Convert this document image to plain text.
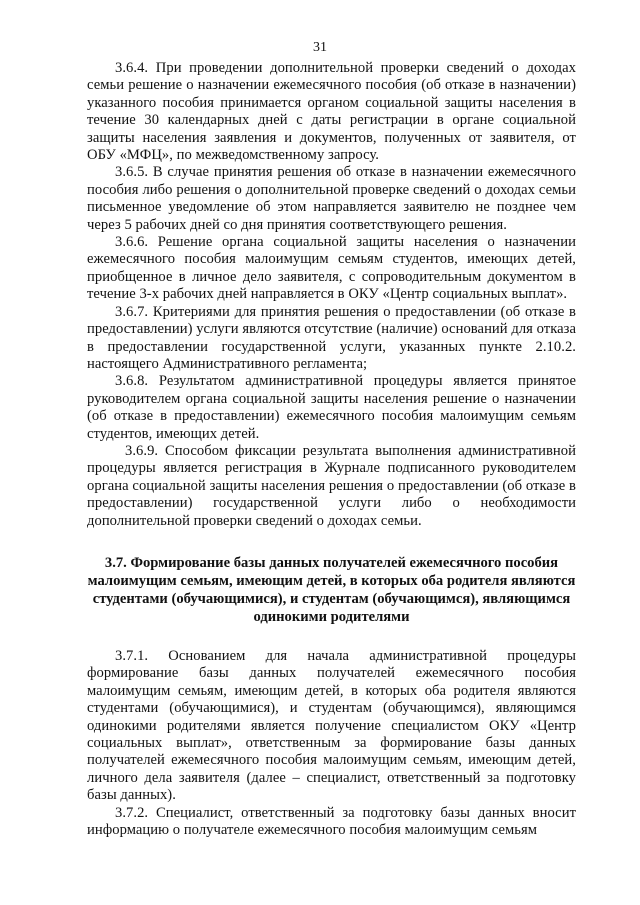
31

3.6.4. При проведении дополнительной проверки сведений о доходах семьи решение о назначении ежемесячного пособия (об отказе в назначении) указанного пособия принимается органом социальной защиты населения в течение 30 календарных дней с даты регистрации в органе социальной защиты населения заявления и документов, полученных от заявителя, от ОБУ «МФЦ», по межведомственному запросу.

3.6.5. В случае принятия решения об отказе в назначении ежемесячного пособия либо решения о дополнительной проверке сведений о доходах семьи письменное уведомление об этом направляется заявителю не позднее чем через 5 рабочих дней со дня принятия соответствующего решения.

3.6.6. Решение органа социальной защиты населения о назначении ежемесячного пособия малоимущим семьям студентов, имеющих детей, приобщенное в личное дело заявителя, с сопроводительным документом в течение 3-х рабочих дней направляется в ОКУ «Центр социальных выплат».

3.6.7. Критериями для принятия решения о предоставлении (об отказе в предоставлении) услуги являются отсутствие (наличие) оснований для отказа в предоставлении государственной услуги, указанных пункте 2.10.2. настоящего Административного регламента;

3.6.8. Результатом административной процедуры является принятое руководителем органа социальной защиты населения решение о назначении (об отказе в предоставлении) ежемесячного пособия малоимущим семьям студентов, имеющих детей.

3.6.9. Способом фиксации результата выполнения административной процедуры является регистрация в Журнале подписанного руководителем органа социальной защиты населения решения о предоставлении (об отказе в предоставлении) государственной услуги либо о необходимости дополнительной проверки сведений о доходах семьи.

3.7. Формирование базы данных получателей ежемесячного пособия малоимущим семьям, имеющим детей, в которых оба родителя являются студентами (обучающимися), и студентам (обучающимся), являющимся одинокими родителями

3.7.1. Основанием для начала административной процедуры формирование базы данных получателей ежемесячного пособия малоимущим семьям, имеющим детей, в которых оба родителя являются студентами (обучающимися), и студентам (обучающимся), являющимся одинокими родителями является получение специалистом ОКУ «Центр социальных выплат», ответственным за формирование базы данных получателей ежемесячного пособия малоимущим семьям, имеющим детей, личного дела заявителя (далее – специалист, ответственный за подготовку базы данных).

3.7.2. Специалист, ответственный за подготовку базы данных вносит информацию о получателе ежемесячного пособия малоимущим семьям
